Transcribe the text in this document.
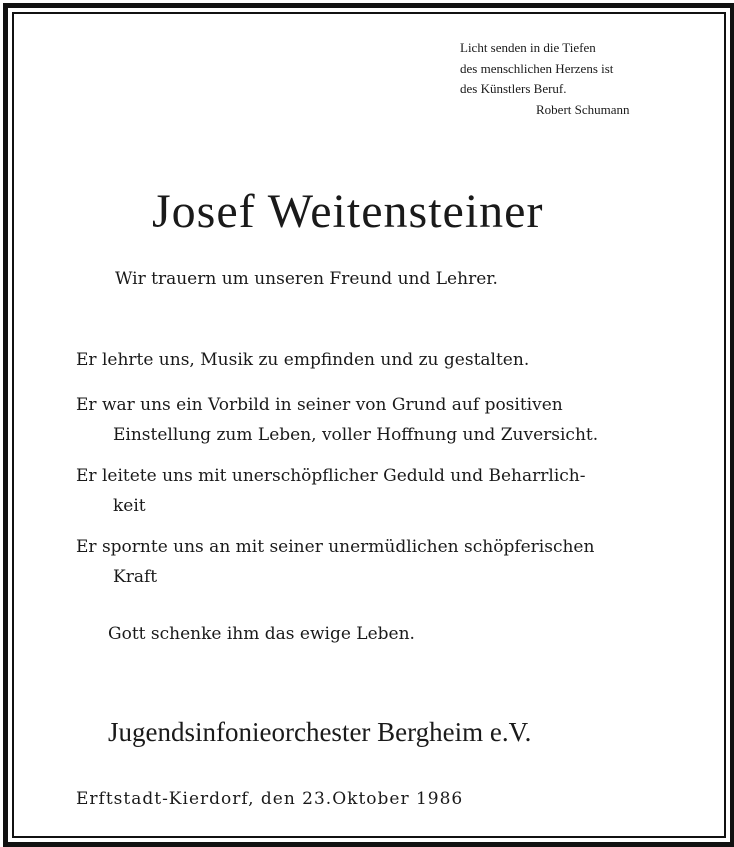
Licht senden in die Tiefen
des menschlichen Herzens ist
des Künstlers Beruf.
Robert Schumann
Josef Weitensteiner
Wir trauern um unseren Freund und Lehrer.
Er lehrte uns, Musik zu empfinden und zu gestalten.
Er war uns ein Vorbild in seiner von Grund auf positiven
Einstellung zum Leben, voller Hoffnung und Zuversicht.
Er leitete uns mit unerschöpflicher Geduld und Beharrlich-
keit
Er spornte uns an mit seiner unermüdlichen schöpferischen
Kraft
Gott schenke ihm das ewige Leben.
Jugendsinfonieorchester Bergheim e.V.
Erftstadt-Kierdorf, den 23.Oktober 1986
